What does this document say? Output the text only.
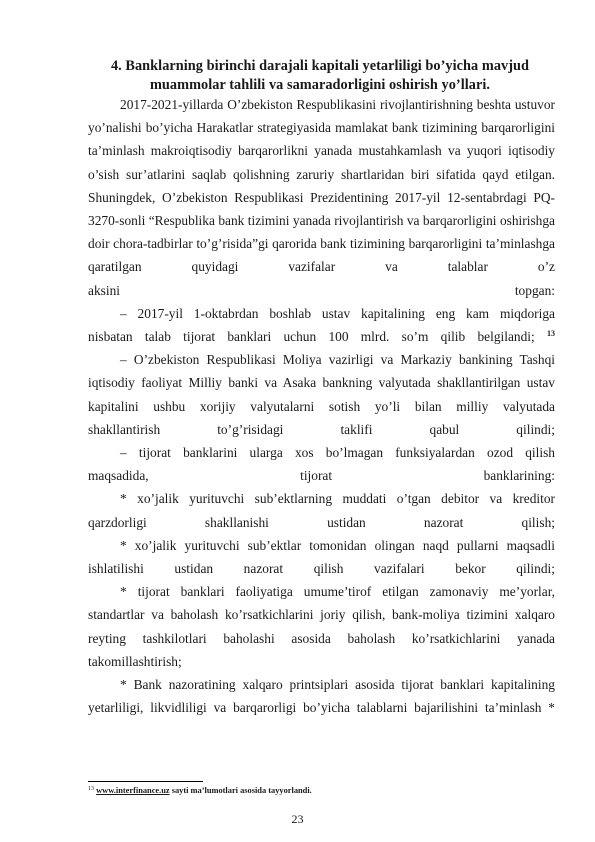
4. Banklarning birinchi darajali kapitali yetarliligi bo’yicha mavjud
muammolar tahlili va samaradorligini oshirish yo’llari.

2017-2021-yillarda O’zbekiston Respublikasini rivojlantirishning beshta ustuvor yo’nalishi bo’yicha Harakatlar strategiyasida mamlakat bank tizimining barqarorligini ta’minlash makroiqtisodiy barqarorlikni yanada mustahkamlash va yuqori iqtisodiy o’sish sur’atlarini saqlab qolishning zaruriy shartlaridan biri sifatida qayd etilgan. Shuningdek, O’zbekiston Respublikasi Prezidentining 2017-yil 12-sentabrdagi PQ-3270-sonli “Respublika bank tizimini yanada rivojlantirish va barqarorligini oshirishga doir chora-tadbirlar to’g’risida”gi qarorida bank tizimining barqarorligini ta’minlashga qaratilgan quyidagi vazifalar va talablar o’z
aksini topgan:

– 2017-yil 1-oktabrdan boshlab ustav kapitalining eng kam miqdoriga
nisbatan talab tijorat banklari uchun 100 mlrd. so’m qilib belgilandi; $^{13}$

– O’zbekiston Respublikasi Moliya vazirligi va Markaziy bankining Tashqi iqtisodiy faoliyat Milliy banki va Asaka bankning valyutada shakllantirilgan ustav kapitalini ushbu xorijiy valyutalarni sotish yo’li bilan milliy valyutada
shakllantirish to’g’risidagi taklifi qabul qilindi;

– tijorat banklarini ularga xos bo’lmagan funksiyalardan ozod qilish
maqsadida, tijorat banklarining:

* xo’jalik yurituvchi sub’ektlarning muddati o’tgan debitor va kreditor
qarzdorligi shakllanishi ustidan nazorat qilish;

* xo’jalik yurituvchi sub’ektlar tomonidan olingan naqd pullarni maqsadli
ishlatilishi ustidan nazorat qilish vazifalari bekor qilindi;

* tijorat banklari faoliyatiga umume’tirof etilgan zamonaviy me’yorlar, standartlar va baholash ko’rsatkichlarini joriy qilish, bank-moliya tizimini xalqaro reyting tashkilotlari baholashi asosida baholash ko’rsatkichlarini yanada
takomillashtirish;

* Bank nazoratining xalqaro printsiplari asosida tijorat banklari kapitalining yetarliligi, likvidliligi va barqarorligi bo’yicha talablarni bajarilishini ta’minlash *

$^{13}$ www.interfinance.uz sayti ma’lumotlari asosida tayyorlandi.
23
